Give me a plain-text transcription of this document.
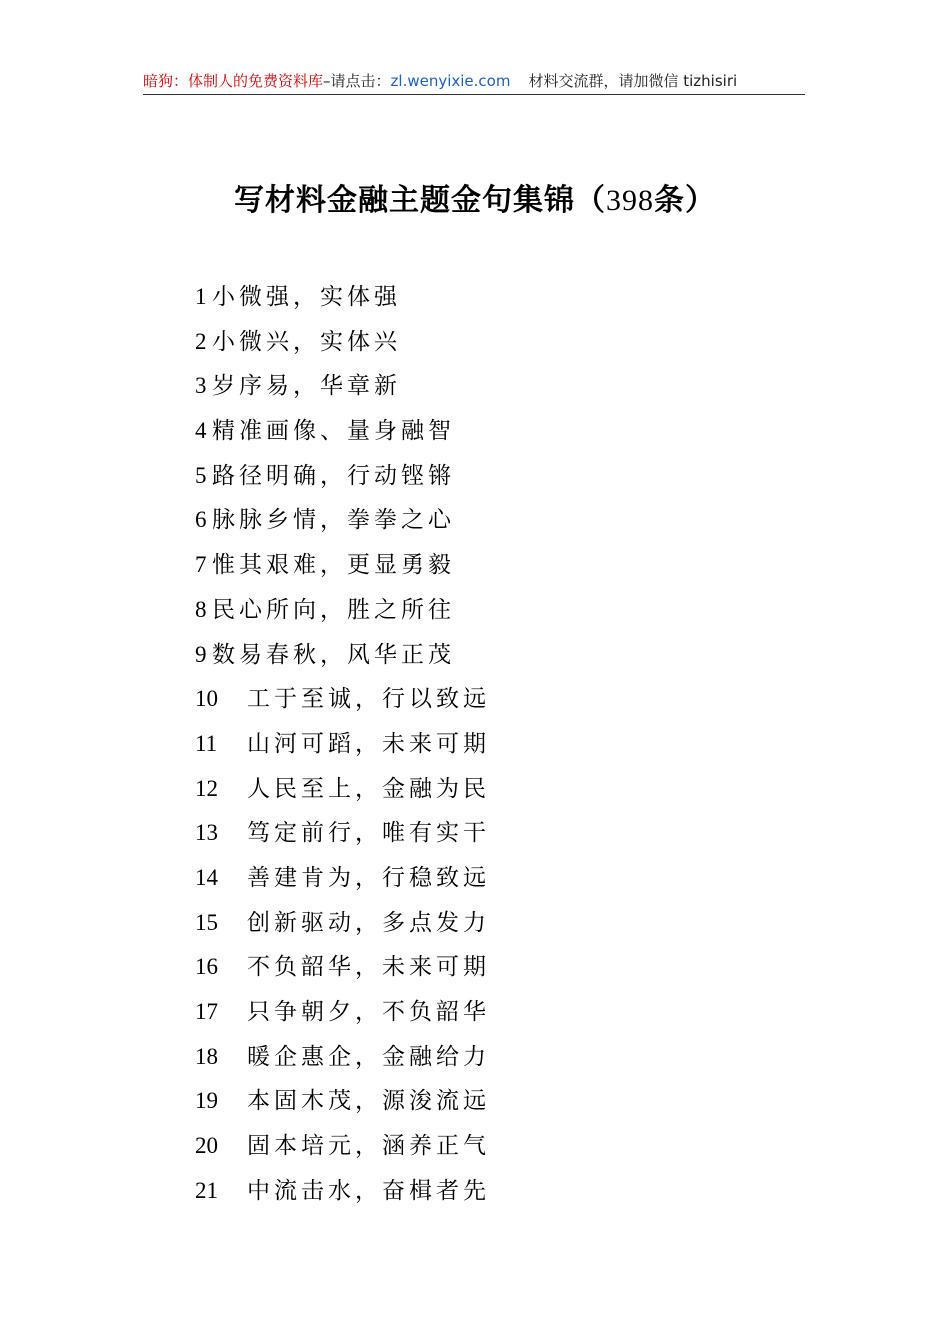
暗狗：体制人的免费资料库–请点击：zl.wenyixie.com 材料交流群，请加微信 tizhisiri
写材料金融主题金句集锦（398条）
1 小微强，实体强
2 小微兴，实体兴
3 岁序易，华章新
4 精准画像、量身融智
5 路径明确，行动铿锵
6 脉脉乡情，拳拳之心
7 惟其艰难，更显勇毅
8 民心所向，胜之所往
9 数易春秋，风华正茂
10 工于至诚，行以致远
11 山河可蹈，未来可期
12 人民至上，金融为民
13 笃定前行，唯有实干
14 善建肯为，行稳致远
15 创新驱动，多点发力
16 不负韶华，未来可期
17 只争朝夕，不负韶华
18 暖企惠企，金融给力
19 本固木茂，源浚流远
20 固本培元，涵养正气
21 中流击水，奋楫者先
